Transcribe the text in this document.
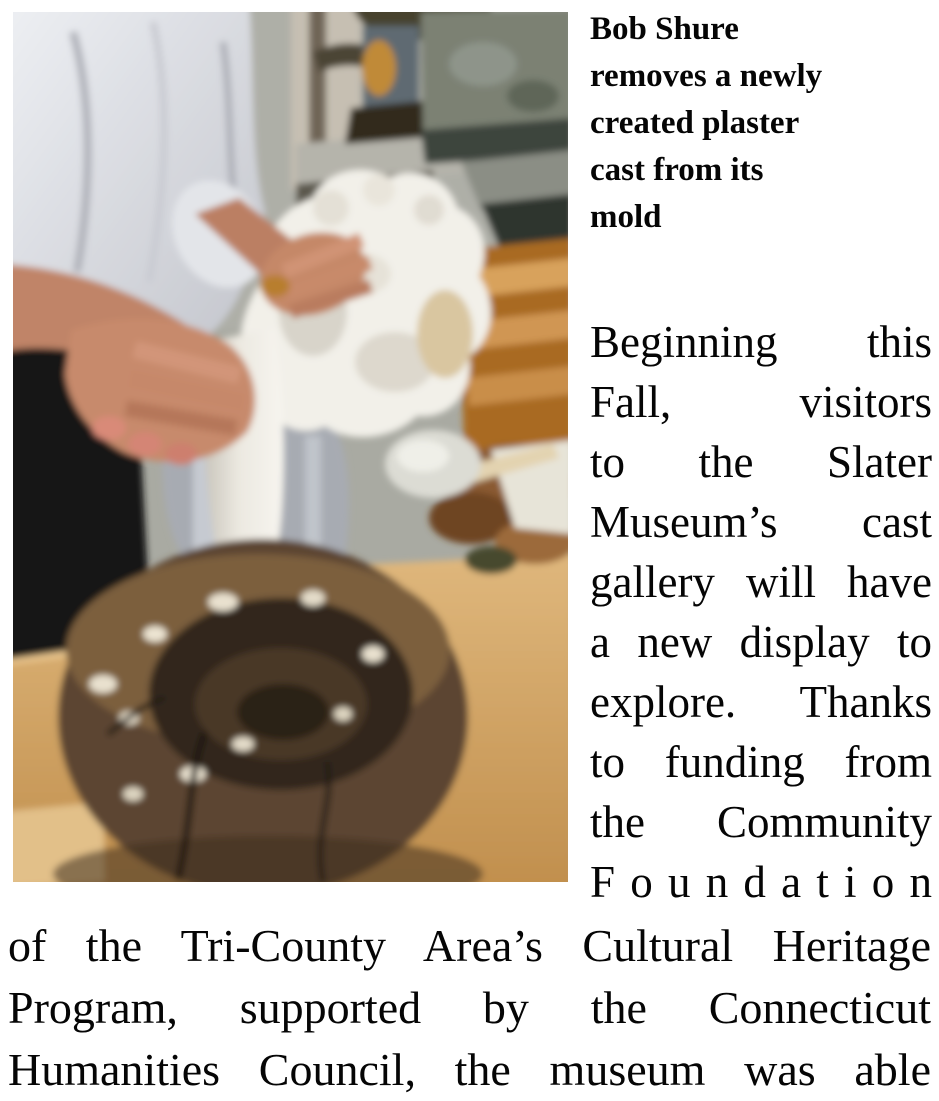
Bob Shure
removes a newly
created plaster
cast from its
mold
Beginning this
Fall, visitors
to the Slater
Museum’s cast
gallery will have
a new display to
explore. Thanks
to funding from
the Community
F o u n d a t i o n
of the Tri-County Area’s Cultural Heritage
Program, supported by the Connecticut
Humanities Council, the museum was able
